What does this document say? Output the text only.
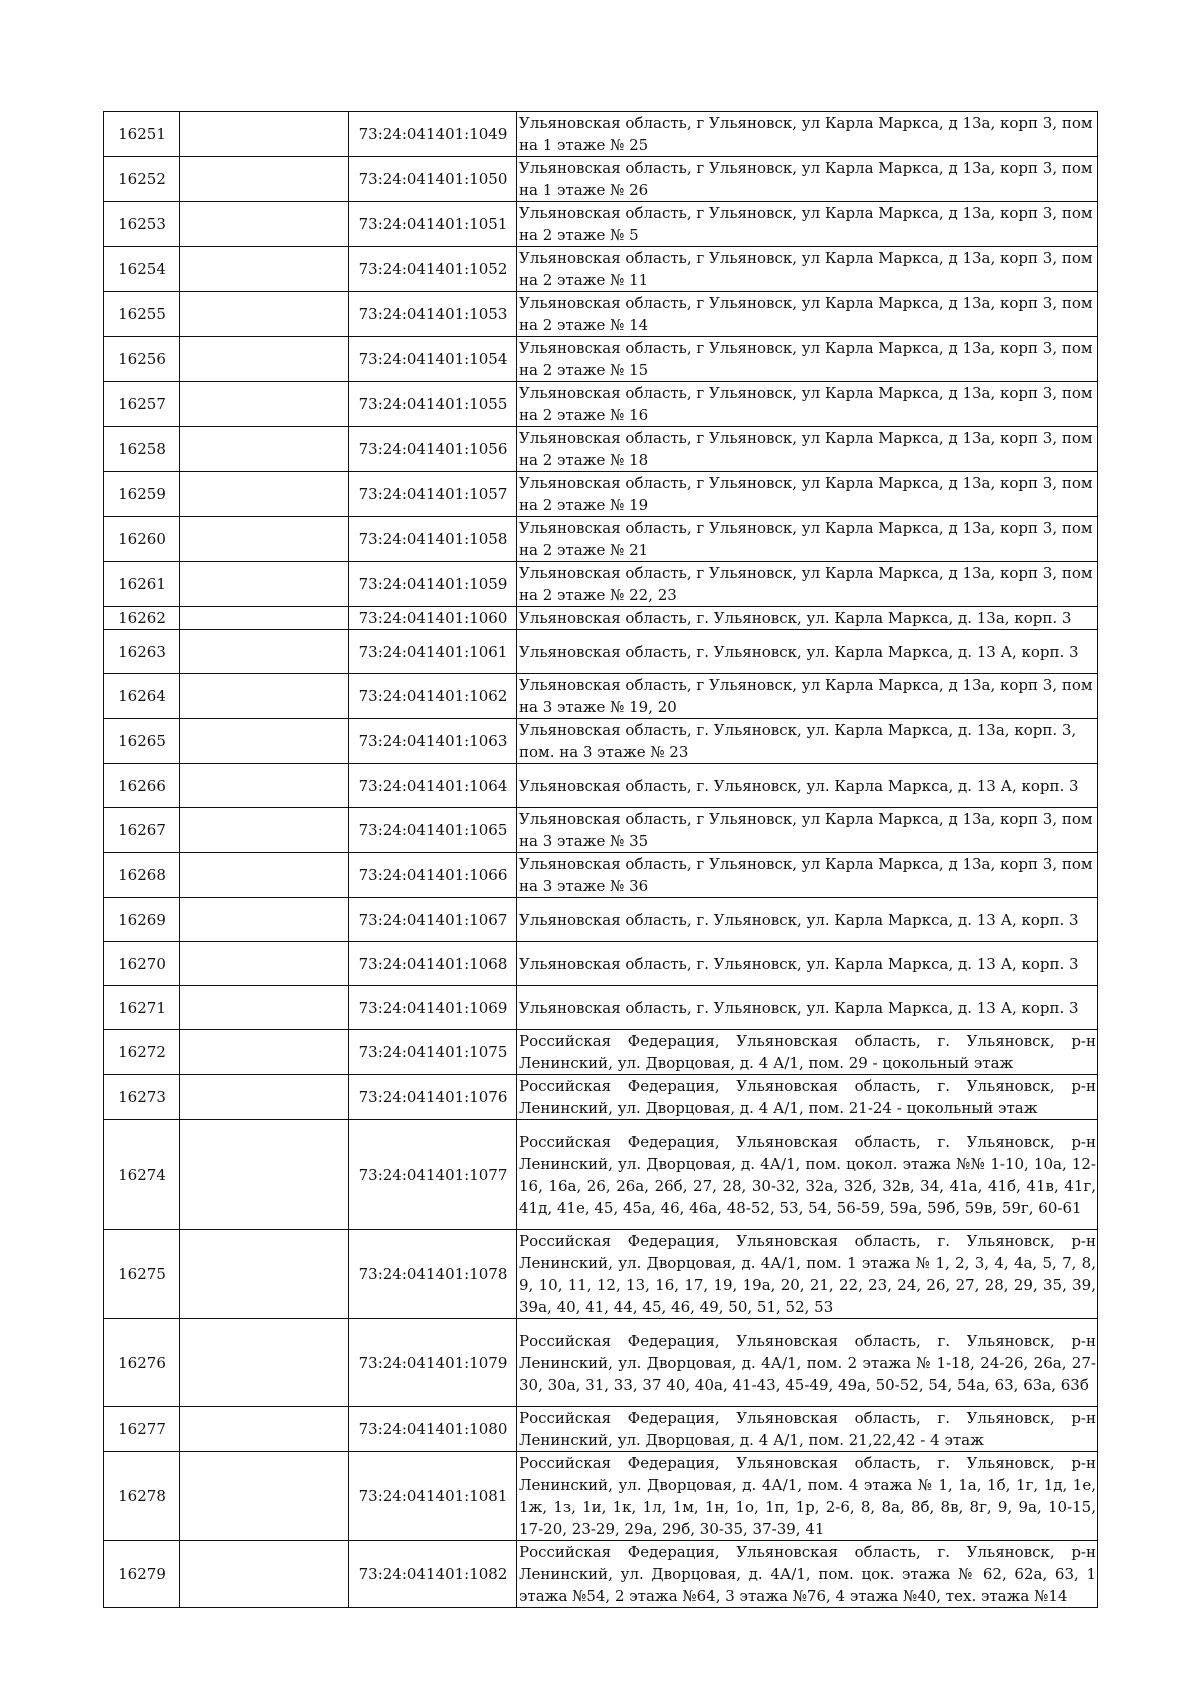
16251		73:24:041401:1049	Ульяновская область, г Ульяновск, ул Карла Маркса, д 13а, корп 3, пом на 1 этаже № 25
16252		73:24:041401:1050	Ульяновская область, г Ульяновск, ул Карла Маркса, д 13а, корп 3, пом на 1 этаже № 26
16253		73:24:041401:1051	Ульяновская область, г Ульяновск, ул Карла Маркса, д 13а, корп 3, пом на 2 этаже № 5
16254		73:24:041401:1052	Ульяновская область, г Ульяновск, ул Карла Маркса, д 13а, корп 3, пом на 2 этаже № 11
16255		73:24:041401:1053	Ульяновская область, г Ульяновск, ул Карла Маркса, д 13а, корп 3, пом на 2 этаже № 14
16256		73:24:041401:1054	Ульяновская область, г Ульяновск, ул Карла Маркса, д 13а, корп 3, пом на 2 этаже № 15
16257		73:24:041401:1055	Ульяновская область, г Ульяновск, ул Карла Маркса, д 13а, корп 3, пом на 2 этаже № 16
16258		73:24:041401:1056	Ульяновская область, г Ульяновск, ул Карла Маркса, д 13а, корп 3, пом на 2 этаже № 18
16259		73:24:041401:1057	Ульяновская область, г Ульяновск, ул Карла Маркса, д 13а, корп 3, пом на 2 этаже № 19
16260		73:24:041401:1058	Ульяновская область, г Ульяновск, ул Карла Маркса, д 13а, корп 3, пом на 2 этаже № 21
16261		73:24:041401:1059	Ульяновская область, г Ульяновск, ул Карла Маркса, д 13а, корп 3, пом на 2 этаже № 22, 23
16262		73:24:041401:1060	Ульяновская область, г. Ульяновск, ул. Карла Маркса, д. 13а, корп. 3
16263		73:24:041401:1061	Ульяновская область, г. Ульяновск, ул. Карла Маркса, д. 13 А, корп. 3
16264		73:24:041401:1062	Ульяновская область, г Ульяновск, ул Карла Маркса, д 13а, корп 3, пом на 3 этаже № 19, 20
16265		73:24:041401:1063	Ульяновская область, г. Ульяновск, ул. Карла Маркса, д. 13а, корп. 3, пом. на 3 этаже № 23
16266		73:24:041401:1064	Ульяновская область, г. Ульяновск, ул. Карла Маркса, д. 13 А, корп. 3
16267		73:24:041401:1065	Ульяновская область, г Ульяновск, ул Карла Маркса, д 13а, корп 3, пом на 3 этаже № 35
16268		73:24:041401:1066	Ульяновская область, г Ульяновск, ул Карла Маркса, д 13а, корп 3, пом на 3 этаже № 36
16269		73:24:041401:1067	Ульяновская область, г. Ульяновск, ул. Карла Маркса, д. 13 А, корп. 3
16270		73:24:041401:1068	Ульяновская область, г. Ульяновск, ул. Карла Маркса, д. 13 А, корп. 3
16271		73:24:041401:1069	Ульяновская область, г. Ульяновск, ул. Карла Маркса, д. 13 А, корп. 3
16272		73:24:041401:1075	Российская Федерация, Ульяновская область, г. Ульяновск, р-н Ленинский, ул. Дворцовая, д. 4 А/1, пом. 29 - цокольный этаж
16273		73:24:041401:1076	Российская Федерация, Ульяновская область, г. Ульяновск, р-н Ленинский, ул. Дворцовая, д. 4 А/1, пом. 21-24 - цокольный этаж
16274		73:24:041401:1077	Российская Федерация, Ульяновская область, г. Ульяновск, р-н Ленинский, ул. Дворцовая, д. 4А/1, пом. цокол. этажа №№ 1-10, 10а, 12-16, 16а, 26, 26а, 26б, 27, 28, 30-32, 32а, 32б, 32в, 34, 41а, 41б, 41в, 41г, 41д, 41е, 45, 45а, 46, 46а, 48-52, 53, 54, 56-59, 59а, 59б, 59в, 59г, 60-61
16275		73:24:041401:1078	Российская Федерация, Ульяновская область, г. Ульяновск, р-н Ленинский, ул. Дворцовая, д. 4А/1, пом. 1 этажа № 1, 2, 3, 4, 4а, 5, 7, 8, 9, 10, 11, 12, 13, 16, 17, 19, 19а, 20, 21, 22, 23, 24, 26, 27, 28, 29, 35, 39, 39а, 40, 41, 44, 45, 46, 49, 50, 51, 52, 53
16276		73:24:041401:1079	Российская Федерация, Ульяновская область, г. Ульяновск, р-н Ленинский, ул. Дворцовая, д. 4А/1, пом. 2 этажа № 1-18, 24-26, 26а, 27-30, 30а, 31, 33, 37 40, 40а, 41-43, 45-49, 49а, 50-52, 54, 54а, 63, 63а, 63б
16277		73:24:041401:1080	Российская Федерация, Ульяновская область, г. Ульяновск, р-н Ленинский, ул. Дворцовая, д. 4 А/1, пом. 21,22,42 - 4 этаж
16278		73:24:041401:1081	Российская Федерация, Ульяновская область, г. Ульяновск, р-н Ленинский, ул. Дворцовая, д. 4А/1, пом. 4 этажа № 1, 1а, 1б, 1г, 1д, 1е, 1ж, 1з, 1и, 1к, 1л, 1м, 1н, 1о, 1п, 1р, 2-6, 8, 8а, 8б, 8в, 8г, 9, 9а, 10-15, 17-20, 23-29, 29а, 29б, 30-35, 37-39, 41
16279		73:24:041401:1082	Российская Федерация, Ульяновская область, г. Ульяновск, р-н Ленинский, ул. Дворцовая, д. 4А/1, пом. цок. этажа № 62, 62а, 63, 1 этажа №54, 2 этажа №64, 3 этажа №76, 4 этажа №40, тех. этажа №14
